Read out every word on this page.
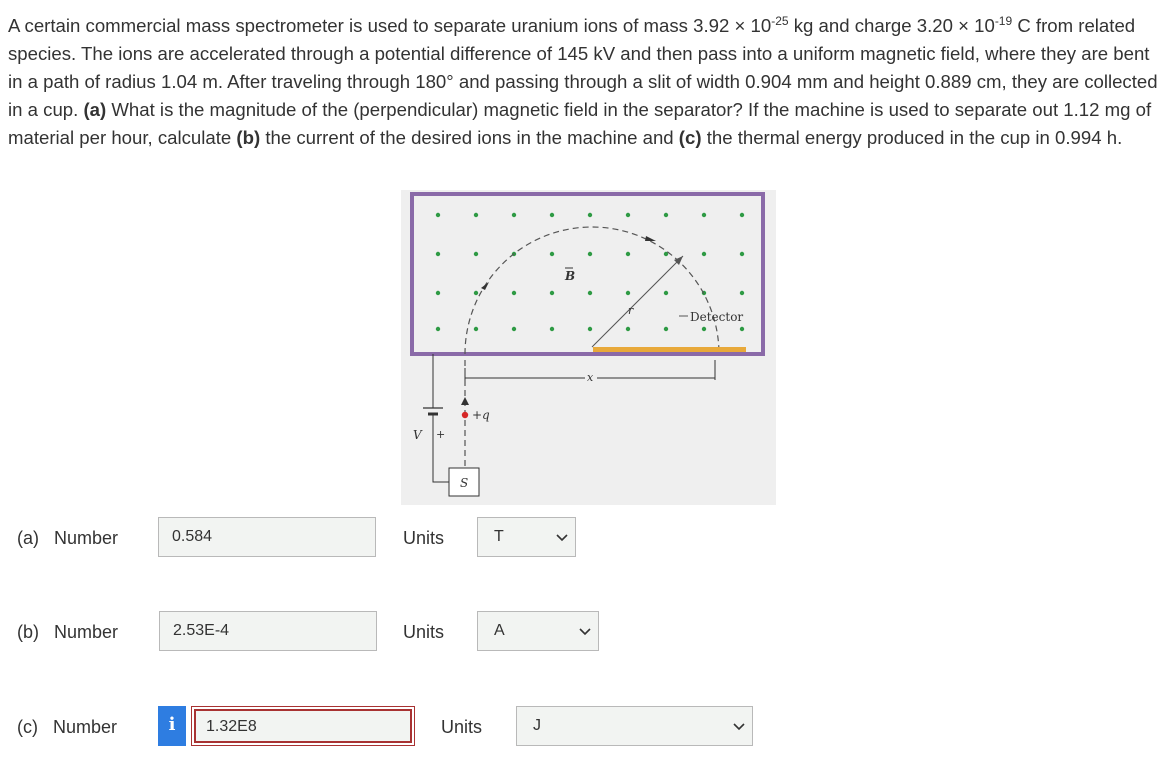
A certain commercial mass spectrometer is used to separate uranium ions of mass $3.92 \times 10^{-25}$ kg and charge $3.20 \times 10^{-19}$ C from related species. The ions are accelerated through a potential difference of 145 kV and then pass into a uniform magnetic field, where they are bent in a path of radius 1.04 m. After traveling through 180° and passing through a slit of width 0.904 mm and height 0.889 cm, they are collected in a cup. (a) What is the magnitude of the (perpendicular) magnetic field in the separator? If the machine is used to separate out 1.12 mg of material per hour, calculate (b) the current of the desired ions in the machine and (c) the thermal energy produced in the cup in 0.994 h.
r
B
Detector
x
+q
S
V +
(a) Number	0.584	Units	T
(b) Number	2.53E-4	Units	A
(c) Number	i	1.32E8	Units	J
